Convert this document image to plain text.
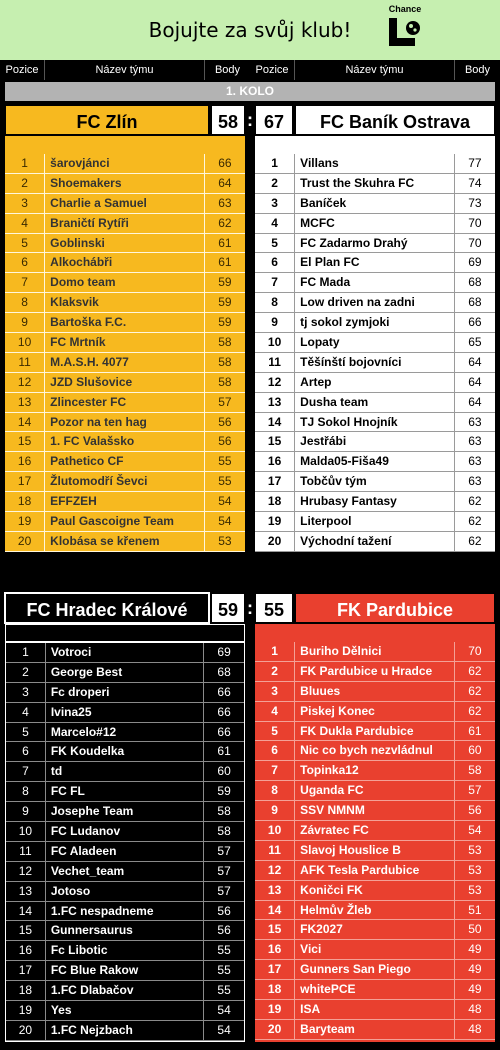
Bojujte za svůj klub!
Chance
Pozice	Název týmu	Body	Pozice	Název týmu	Body
1. KOLO
FC Zlín	58 : 67	FC Baník Ostrava
1	šarovjánci	66
2	Shoemakers	64
3	Charlie a Samuel	63
4	Braničtí Rytíři	62
5	Goblinski	61
6	Alkochábři	61
7	Domo team	59
8	Klaksvik	59
9	Bartoška F.C.	59
10	FC Mrtník	58
11	M.A.S.H. 4077	58
12	JZD Slušovice	58
13	Zlincester FC	57
14	Pozor na ten hag	56
15	1. FC Valašsko	56
16	Pathetico CF	55
17	Žlutomodří Ševci	55
18	EFFZEH	54
19	Paul Gascoigne Team	54
20	Klobása se křenem	53
1	Villans	77
2	Trust the Skuhra FC	74
3	Baníček	73
4	MCFC	70
5	FC Zadarmo Drahý	70
6	El Plan FC	69
7	FC Mada	68
8	Low driven na zadni	68
9	tj sokol zymjoki	66
10	Lopaty	65
11	Těšínští bojovníci	64
12	Artep	64
13	Dusha team	64
14	TJ Sokol Hnojník	63
15	Jestřábi	63
16	Malda05-Fiša49	63
17	Tobčův tým	63
18	Hrubasy Fantasy	62
19	Literpool	62
20	Východní tažení	62
FC Hradec Králové	59 : 55	FK Pardubice
1	Votroci	69
2	George Best	68
3	Fc droperi	66
4	Ivina25	66
5	Marcelo#12	66
6	FK Koudelka	61
7	td	60
8	FC FL	59
9	Josephe Team	58
10	FC Ludanov	58
11	FC Aladeen	57
12	Vechet_team	57
13	Jotoso	57
14	1.FC nespadneme	56
15	Gunnersaurus	56
16	Fc Libotic	55
17	FC Blue Rakow	55
18	1.FC Dlabačov	55
19	Yes	54
20	1.FC Nejzbach	54
1	Buriho Dělnici	70
2	FK Pardubice u Hradce	62
3	Bluues	62
4	Piskej Konec	62
5	FK Dukla Pardubice	61
6	Nic co bych nezvládnul	60
7	Topinka12	58
8	Uganda FC	57
9	SSV NMNM	56
10	Závratec FC	54
11	Slavoj Houslice B	53
12	AFK Tesla Pardubice	53
13	Koničci FK	53
14	Helmův Žleb	51
15	FK2027	50
16	Vici	49
17	Gunners San Piego	49
18	whitePCE	49
19	ISA	48
20	Baryteam	48
